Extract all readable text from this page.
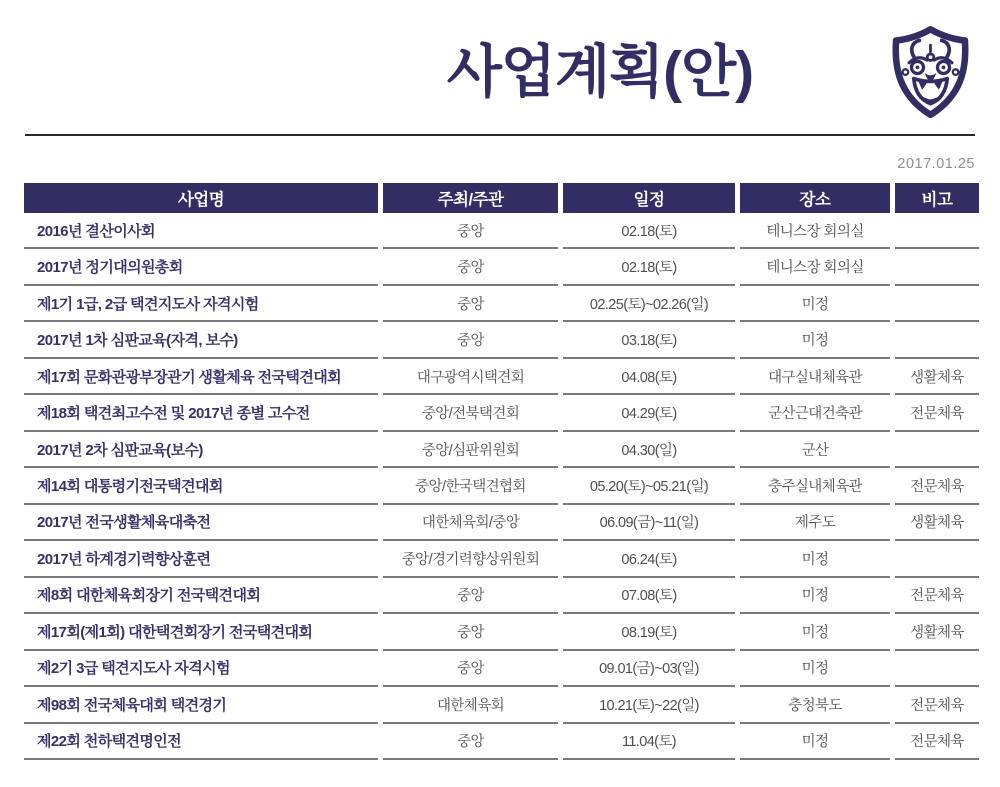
사업계획(안)
2017.01.25
사업명	주최/주관	일정	장소	비고
2016년 결산이사회	중앙	02.18(토)	테니스장 회의실
2017년 정기대의원총회	중앙	02.18(토)	테니스장 회의실
제1기 1급, 2급 택견지도사 자격시험	중앙	02.25(토)~02.26(일)	미정
2017년 1차 심판교육(자격, 보수)	중앙	03.18(토)	미정
제17회 문화관광부장관기 생활체육 전국택견대회	대구광역시택견회	04.08(토)	대구실내체육관	생활체육
제18회 택견최고수전 및 2017년 종별 고수전	중앙/전북택견회	04.29(토)	군산근대건축관	전문체육
2017년 2차 심판교육(보수)	중앙/심판위원회	04.30(일)	군산
제14회 대통령기전국택견대회	중앙/한국택견협회	05.20(토)~05.21(일)	충주실내체육관	전문체육
2017년 전국생활체육대축전	대한체육회/중앙	06.09(금)~11(일)	제주도	생활체육
2017년 하계경기력향상훈련	중앙/경기력향상위원회	06.24(토)	미정
제8회 대한체육회장기 전국택견대회	중앙	07.08(토)	미정	전문체육
제17회(제1회) 대한택견회장기 전국택견대회	중앙	08.19(토)	미정	생활체육
제2기 3급 택견지도사 자격시험	중앙	09.01(금)~03(일)	미정
제98회 전국체육대회 택견경기	대한체육회	10.21(토)~22(일)	충청북도	전문체육
제22회 천하택견명인전	중앙	11.04(토)	미정	전문체육
